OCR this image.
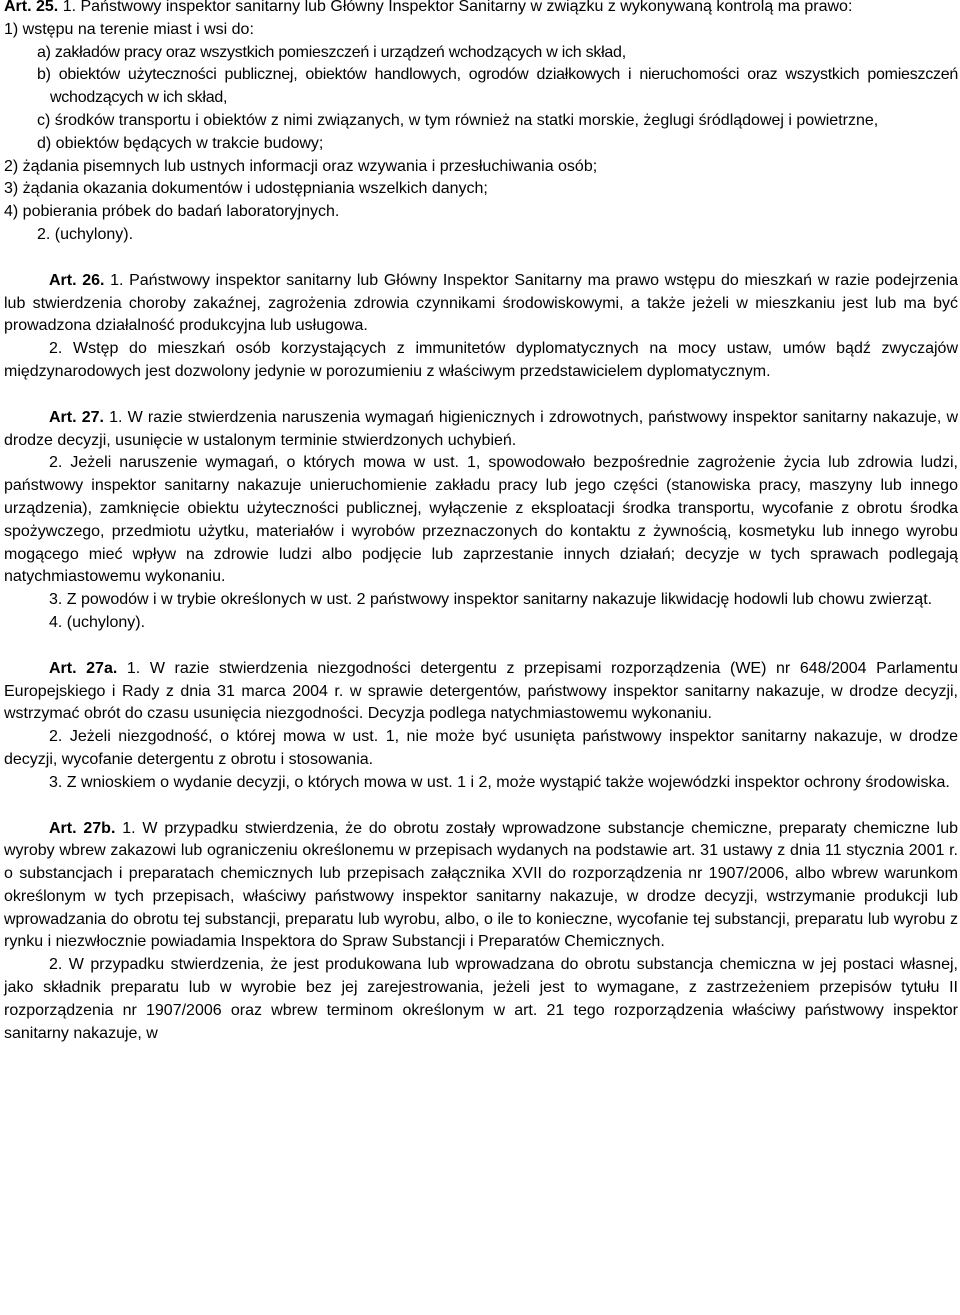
Art. 25. 1. Państwowy inspektor sanitarny lub Główny Inspektor Sanitarny w związku z wykonywaną kontrolą ma prawo:

1) wstępu na terenie miast i wsi do:

a) zakładów pracy oraz wszystkich pomieszczeń i urządzeń wchodzących w ich skład,

b) obiektów użyteczności publicznej, obiektów handlowych, ogrodów działkowych i nieruchomości oraz wszystkich pomieszczeń wchodzących w ich skład,

c) środków transportu i obiektów z nimi związanych, w tym również na statki morskie, żeglugi śródlądowej i powietrzne,

d) obiektów będących w trakcie budowy;

2) żądania pisemnych lub ustnych informacji oraz wzywania i przesłuchiwania osób;

3) żądania okazania dokumentów i udostępniania wszelkich danych;

4) pobierania próbek do badań laboratoryjnych.

2. (uchylony).

Art. 26. 1. Państwowy inspektor sanitarny lub Główny Inspektor Sanitarny ma prawo wstępu do mieszkań w razie podejrzenia lub stwierdzenia choroby zakaźnej, zagrożenia zdrowia czynnikami środowiskowymi, a także jeżeli w mieszkaniu jest lub ma być prowadzona działalność produkcyjna lub usługowa.

2. Wstęp do mieszkań osób korzystających z immunitetów dyplomatycznych na mocy ustaw, umów bądź zwyczajów międzynarodowych jest dozwolony jedynie w porozumieniu z właściwym przedstawicielem dyplomatycznym.

Art. 27. 1. W razie stwierdzenia naruszenia wymagań higienicznych i zdrowotnych, państwowy inspektor sanitarny nakazuje, w drodze decyzji, usunięcie w ustalonym terminie stwierdzonych uchybień.

2. Jeżeli naruszenie wymagań, o których mowa w ust. 1, spowodowało bezpośrednie zagrożenie życia lub zdrowia ludzi, państwowy inspektor sanitarny nakazuje unieruchomienie zakładu pracy lub jego części (stanowiska pracy, maszyny lub innego urządzenia), zamknięcie obiektu użyteczności publicznej, wyłączenie z eksploatacji środka transportu, wycofanie z obrotu środka spożywczego, przedmiotu użytku, materiałów i wyrobów przeznaczonych do kontaktu z żywnością, kosmetyku lub innego wyrobu mogącego mieć wpływ na zdrowie ludzi albo podjęcie lub zaprzestanie innych działań; decyzje w tych sprawach podlegają natychmiastowemu wykonaniu.

3. Z powodów i w trybie określonych w ust. 2 państwowy inspektor sanitarny nakazuje likwidację hodowli lub chowu zwierząt.

4. (uchylony).

Art. 27a. 1. W razie stwierdzenia niezgodności detergentu z przepisami rozporządzenia (WE) nr 648/2004 Parlamentu Europejskiego i Rady z dnia 31 marca 2004 r. w sprawie detergentów, państwowy inspektor sanitarny nakazuje, w drodze decyzji, wstrzymać obrót do czasu usunięcia niezgodności. Decyzja podlega natychmiastowemu wykonaniu.

2. Jeżeli niezgodność, o której mowa w ust. 1, nie może być usunięta państwowy inspektor sanitarny nakazuje, w drodze decyzji, wycofanie detergentu z obrotu i stosowania.

3. Z wnioskiem o wydanie decyzji, o których mowa w ust. 1 i 2, może wystąpić także wojewódzki inspektor ochrony środowiska.

Art. 27b. 1. W przypadku stwierdzenia, że do obrotu zostały wprowadzone substancje chemiczne, preparaty chemiczne lub wyroby wbrew zakazowi lub ograniczeniu określonemu w przepisach wydanych na podstawie art. 31 ustawy z dnia 11 stycznia 2001 r. o substancjach i preparatach chemicznych lub przepisach załącznika XVII do rozporządzenia nr 1907/2006, albo wbrew warunkom określonym w tych przepisach, właściwy państwowy inspektor sanitarny nakazuje, w drodze decyzji, wstrzymanie produkcji lub wprowadzania do obrotu tej substancji, preparatu lub wyrobu, albo, o ile to konieczne, wycofanie tej substancji, preparatu lub wyrobu z rynku i niezwłocznie powiadamia Inspektora do Spraw Substancji i Preparatów Chemicznych.

2. W przypadku stwierdzenia, że jest produkowana lub wprowadzana do obrotu substancja chemiczna w jej postaci własnej, jako składnik preparatu lub w wyrobie bez jej zarejestrowania, jeżeli jest to wymagane, z zastrzeżeniem przepisów tytułu II rozporządzenia nr 1907/2006 oraz wbrew terminom określonym w art. 21 tego rozporządzenia właściwy państwowy inspektor sanitarny nakazuje, w
